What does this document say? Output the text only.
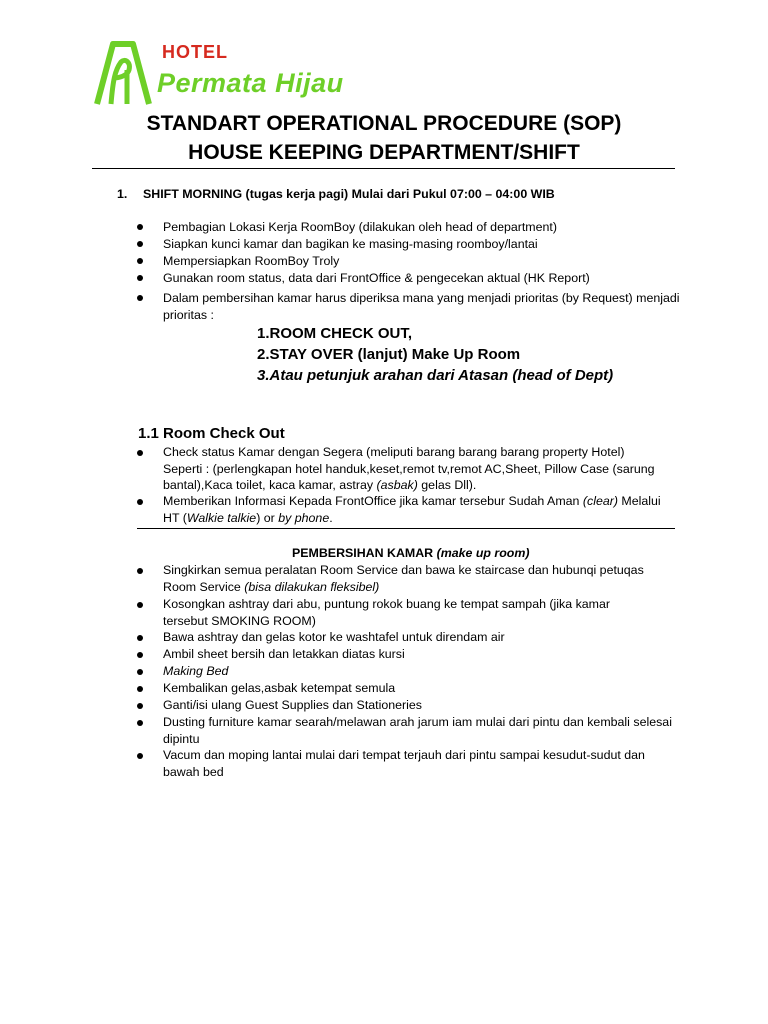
HOTEL
Permata Hijau
STANDART OPERATIONAL PROCEDURE (SOP)
HOUSE KEEPING DEPARTMENT/SHIFT
1. SHIFT MORNING (tugas kerja pagi) Mulai dari Pukul 07:00 – 04:00 WIB
Pembagian Lokasi Kerja RoomBoy (dilakukan oleh head of department)
Siapkan kunci kamar dan bagikan ke masing-masing roomboy/lantai
Mempersiapkan RoomBoy Troly
Gunakan room status, data dari FrontOffice & pengecekan aktual (HK Report)
Dalam pembersihan kamar harus diperiksa mana yang menjadi prioritas (by Request) menjadi prioritas :
1.ROOM CHECK OUT,
2.STAY OVER (lanjut) Make Up Room
3.Atau petunjuk arahan dari Atasan (head of Dept)
1.1 Room Check Out
Check status Kamar dengan Segera (meliputi barang barang barang property Hotel) Seperti : (perlengkapan hotel handuk,keset,remot tv,remot AC,Sheet, Pillow Case (sarung bantal),Kaca toilet, kaca kamar, astray (asbak) gelas Dll).
Memberikan Informasi Kepada FrontOffice jika kamar tersebur Sudah Aman (clear) Melalui HT (Walkie talkie) or by phone.
PEMBERSIHAN KAMAR (make up room)
Singkirkan semua peralatan Room Service dan bawa ke staircase dan hubunqi petuqas Room Service (bisa dilakukan fleksibel)
Kosongkan ashtray dari abu, puntung rokok buang ke tempat sampah (jika kamar tersebut SMOKING ROOM)
Bawa ashtray dan gelas kotor ke washtafel untuk direndam air
Ambil sheet bersih dan letakkan diatas kursi
Making Bed
Kembalikan gelas,asbak ketempat semula
Ganti/isi ulang Guest Supplies dan Stationeries
Dusting furniture kamar searah/melawan arah jarum iam mulai dari pintu dan kembali selesai dipintu
Vacum dan moping lantai mulai dari tempat terjauh dari pintu sampai kesudut-sudut dan bawah bed
